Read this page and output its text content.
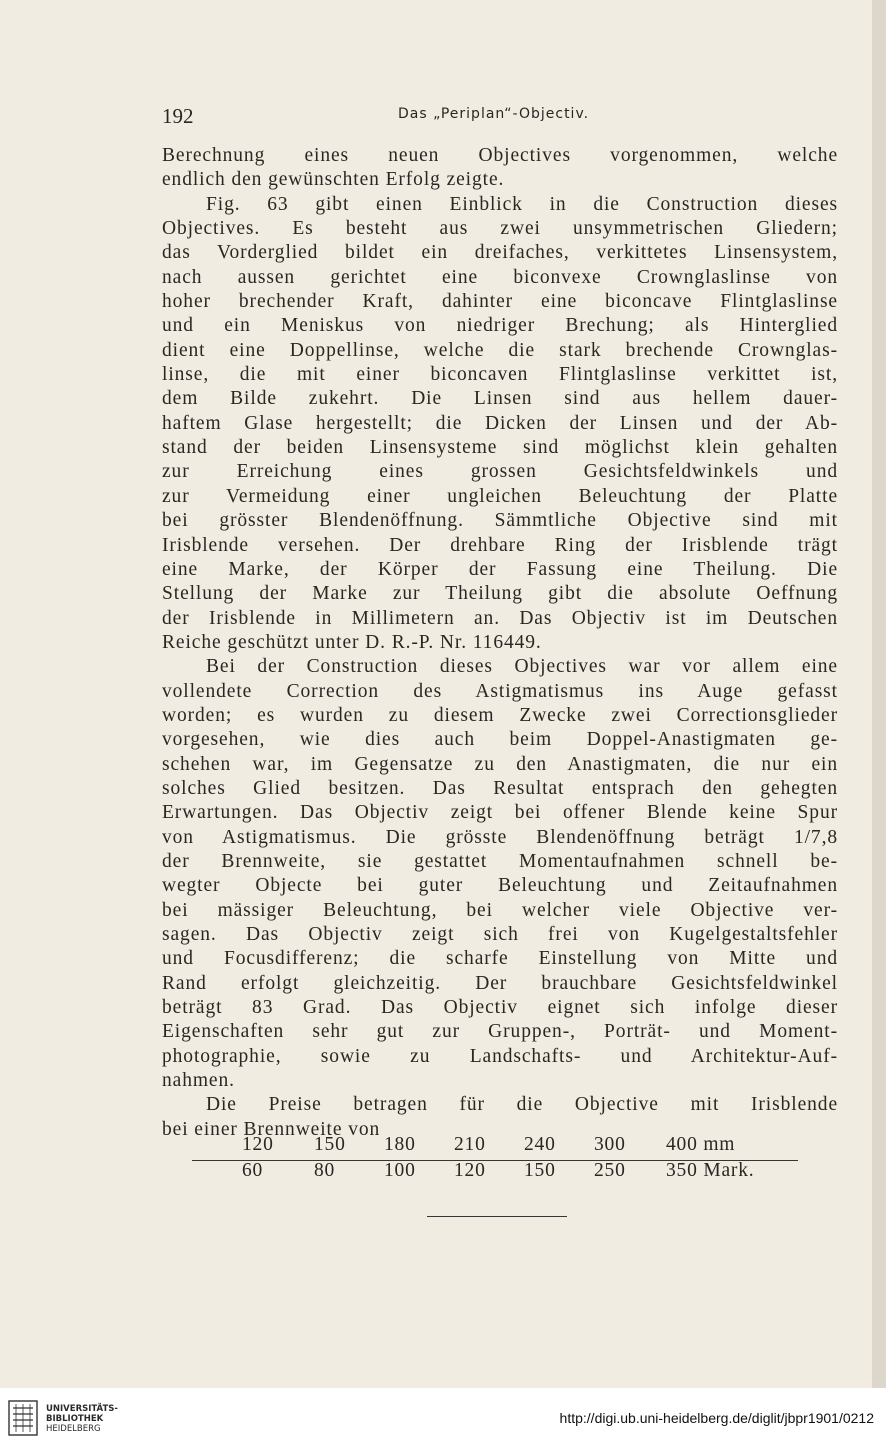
192	Das „Periplan“-Objectiv.
Berechnung eines neuen Objectives vorgenommen, welche
endlich den gewünschten Erfolg zeigte.
Fig. 63 gibt einen Einblick in die Construction dieses
Objectives. Es besteht aus zwei unsymmetrischen Gliedern;
das Vorderglied bildet ein dreifaches, verkittetes Linsensystem,
nach aussen gerichtet eine biconvexe Crownglaslinse von
hoher brechender Kraft, dahinter eine biconcave Flintglaslinse
und ein Meniskus von niedriger Brechung; als Hinterglied
dient eine Doppellinse, welche die stark brechende Crownglas-
linse, die mit einer biconcaven Flintglaslinse verkittet ist,
dem Bilde zukehrt. Die Linsen sind aus hellem dauer-
haftem Glase hergestellt; die Dicken der Linsen und der Ab-
stand der beiden Linsensysteme sind möglichst klein gehalten
zur Erreichung eines grossen Gesichtsfeldwinkels und
zur Vermeidung einer ungleichen Beleuchtung der Platte
bei grösster Blendenöffnung. Sämmtliche Objective sind mit
Irisblende versehen. Der drehbare Ring der Irisblende trägt
eine Marke, der Körper der Fassung eine Theilung. Die
Stellung der Marke zur Theilung gibt die absolute Oeffnung
der Irisblende in Millimetern an. Das Objectiv ist im Deutschen
Reiche geschützt unter D. R.-P. Nr. 116449.
Bei der Construction dieses Objectives war vor allem eine
vollendete Correction des Astigmatismus ins Auge gefasst
worden; es wurden zu diesem Zwecke zwei Correctionsglieder
vorgesehen, wie dies auch beim Doppel-Anastigmaten ge-
schehen war, im Gegensatze zu den Anastigmaten, die nur ein
solches Glied besitzen. Das Resultat entsprach den gehegten
Erwartungen. Das Objectiv zeigt bei offener Blende keine Spur
von Astigmatismus. Die grösste Blendenöffnung beträgt 1/7,8
der Brennweite, sie gestattet Momentaufnahmen schnell be-
wegter Objecte bei guter Beleuchtung und Zeitaufnahmen
bei mässiger Beleuchtung, bei welcher viele Objective ver-
sagen. Das Objectiv zeigt sich frei von Kugelgestaltsfehler
und Focusdifferenz; die scharfe Einstellung von Mitte und
Rand erfolgt gleichzeitig. Der brauchbare Gesichtsfeldwinkel
beträgt 83 Grad. Das Objectiv eignet sich infolge dieser
Eigenschaften sehr gut zur Gruppen-, Porträt- und Moment-
photographie, sowie zu Landschafts- und Architektur-Auf-
nahmen.
Die Preise betragen für die Objective mit Irisblende
bei einer Brennweite von
120 150 180 210 240 300 400 mm
60	80	100 120 150 250 350 Mark.
UNIVERSITÄTS-
BIBLIOTHEK
HEIDELBERG
http://digi.ub.uni-heidelberg.de/diglit/jbpr1901/0212
